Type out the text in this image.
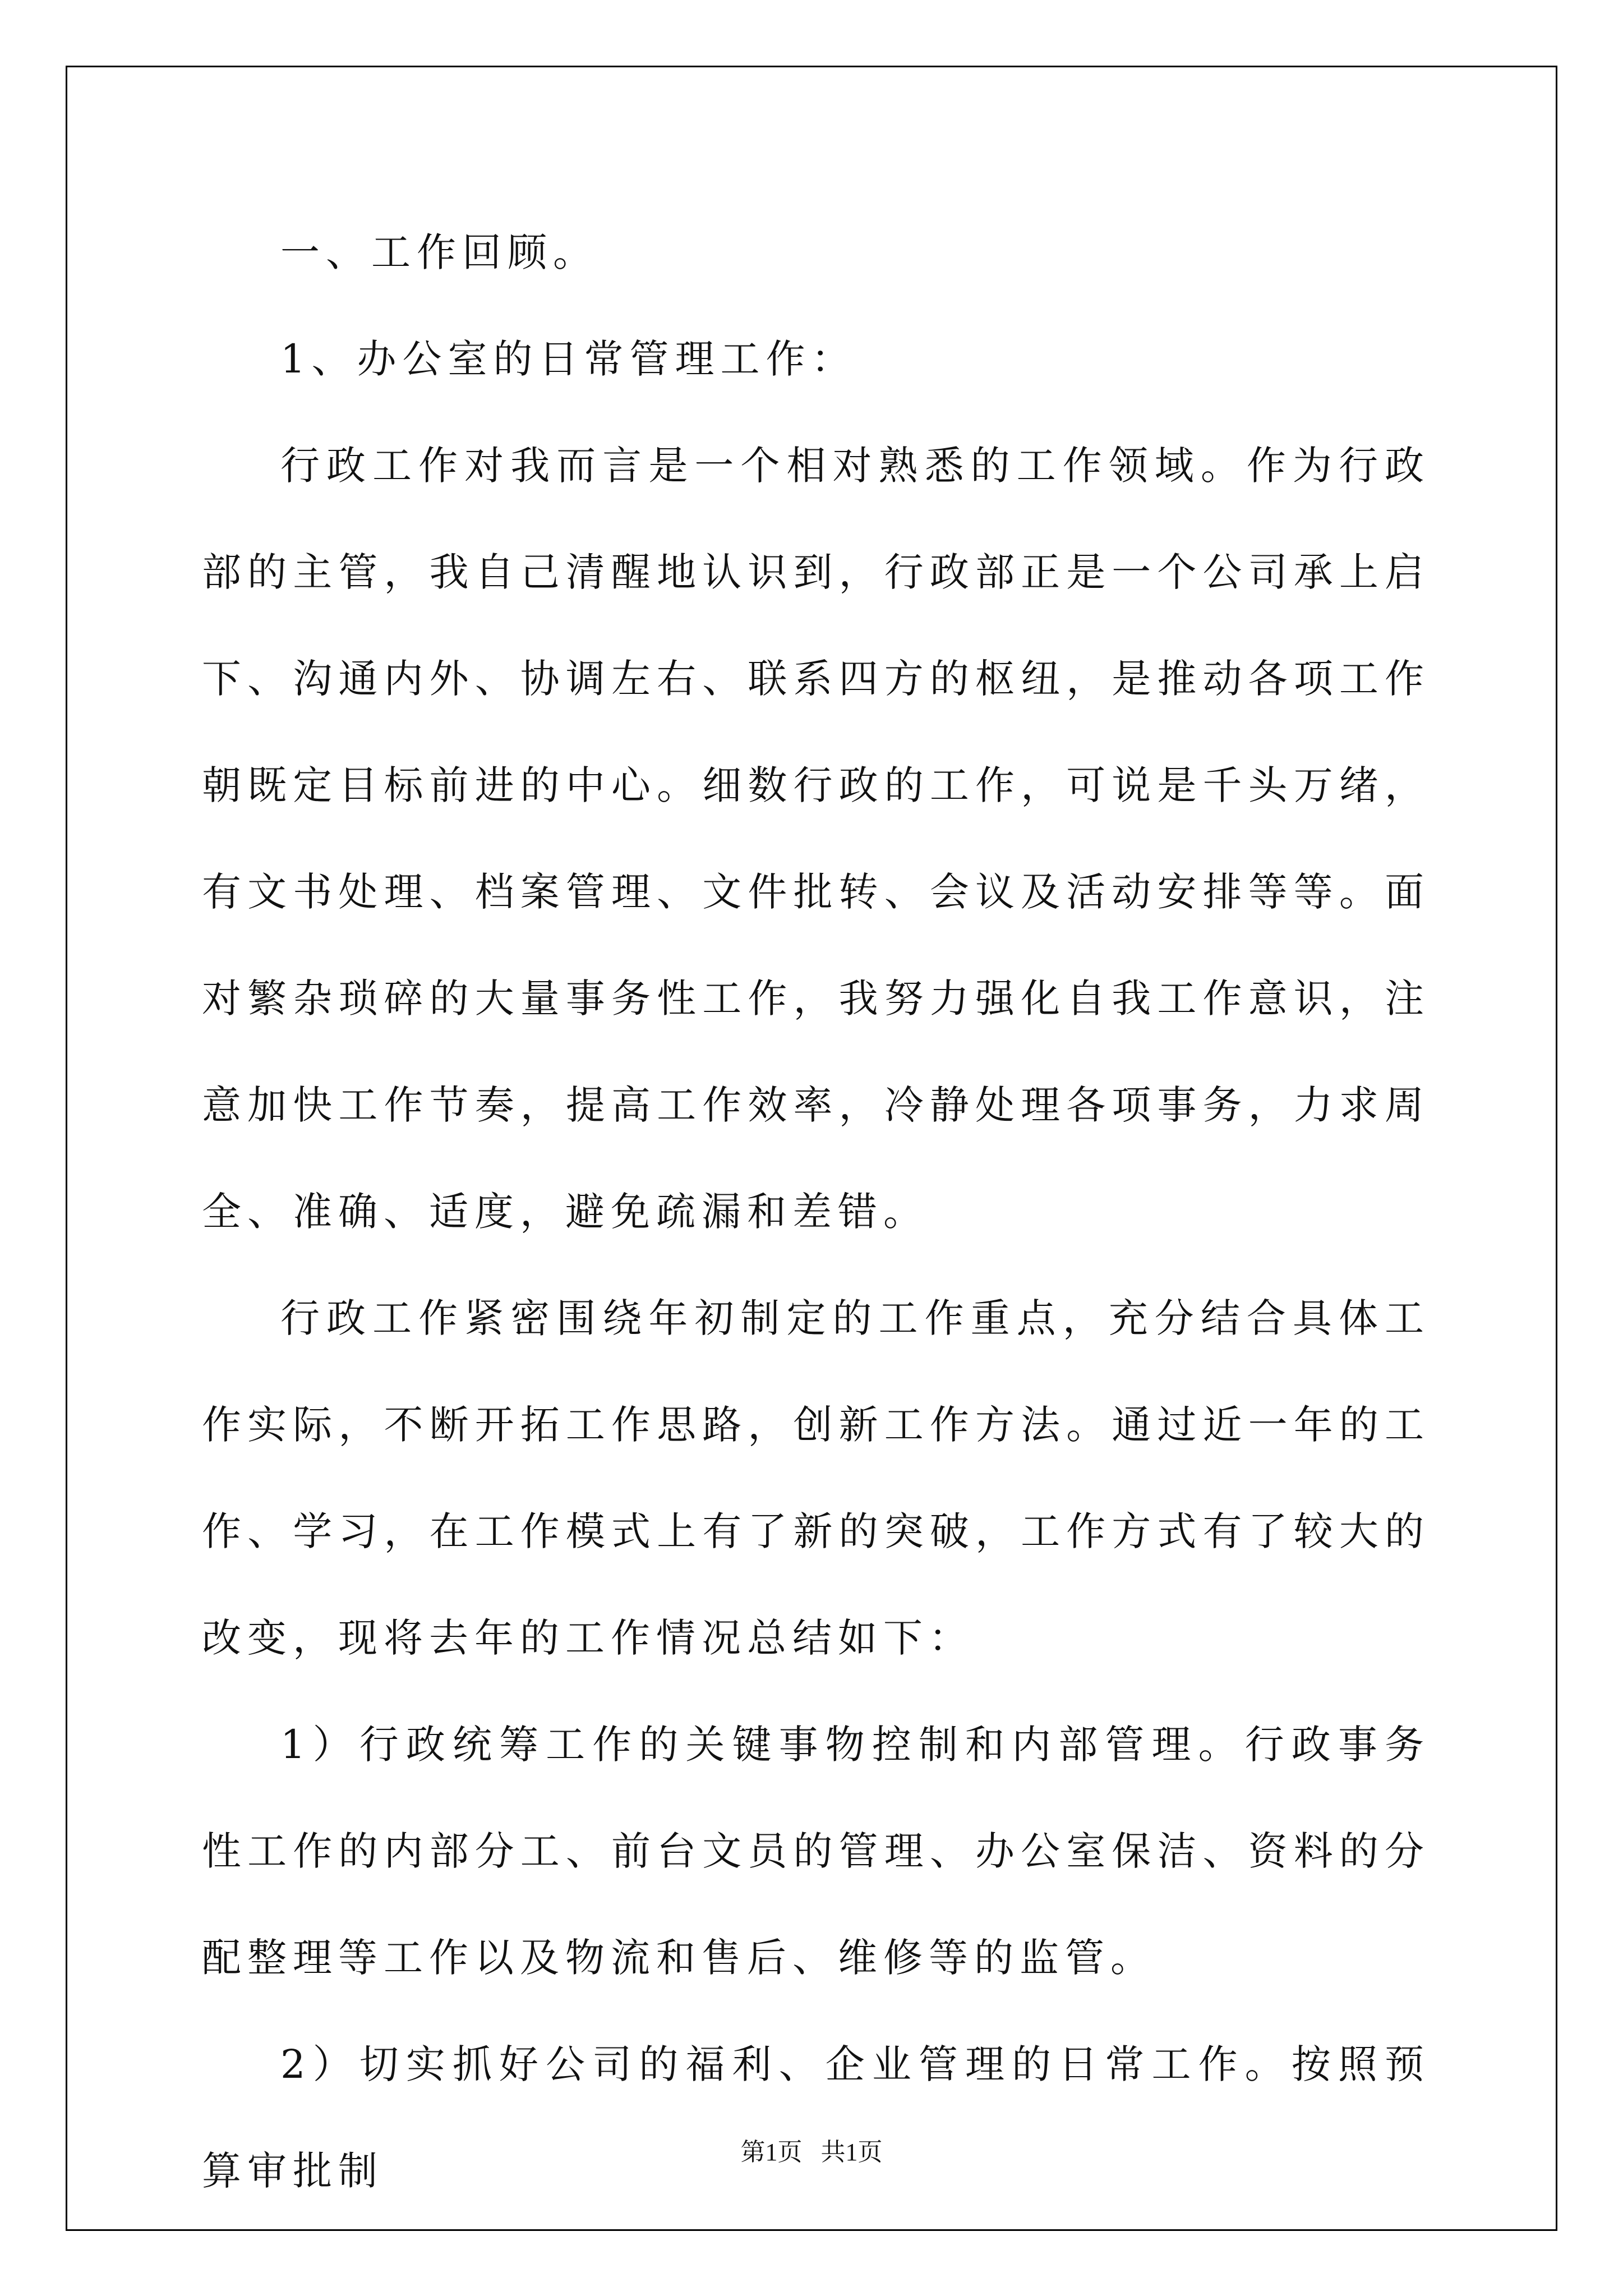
一、工作回顾。

1、办公室的日常管理工作：

行政工作对我而言是一个相对熟悉的工作领域。作为行政部的主管，我自己清醒地认识到，行政部正是一个公司承上启下、沟通内外、协调左右、联系四方的枢纽，是推动各项工作朝既定目标前进的中心。细数行政的工作，可说是千头万绪，有文书处理、档案管理、文件批转、会议及活动安排等等。面对繁杂琐碎的大量事务性工作，我努力强化自我工作意识，注意加快工作节奏，提高工作效率，冷静处理各项事务，力求周全、准确、适度，避免疏漏和差错。

行政工作紧密围绕年初制定的工作重点，充分结合具体工作实际，不断开拓工作思路，创新工作方法。通过近一年的工作、学习，在工作模式上有了新的突破，工作方式有了较大的改变，现将去年的工作情况总结如下：

1）行政统筹工作的关键事物控制和内部管理。行政事务性工作的内部分工、前台文员的管理、办公室保洁、资料的分配整理等工作以及物流和售后、维修等的监管。

2）切实抓好公司的福利、企业管理的日常工作。按照预算审批制	第1页   共1页
